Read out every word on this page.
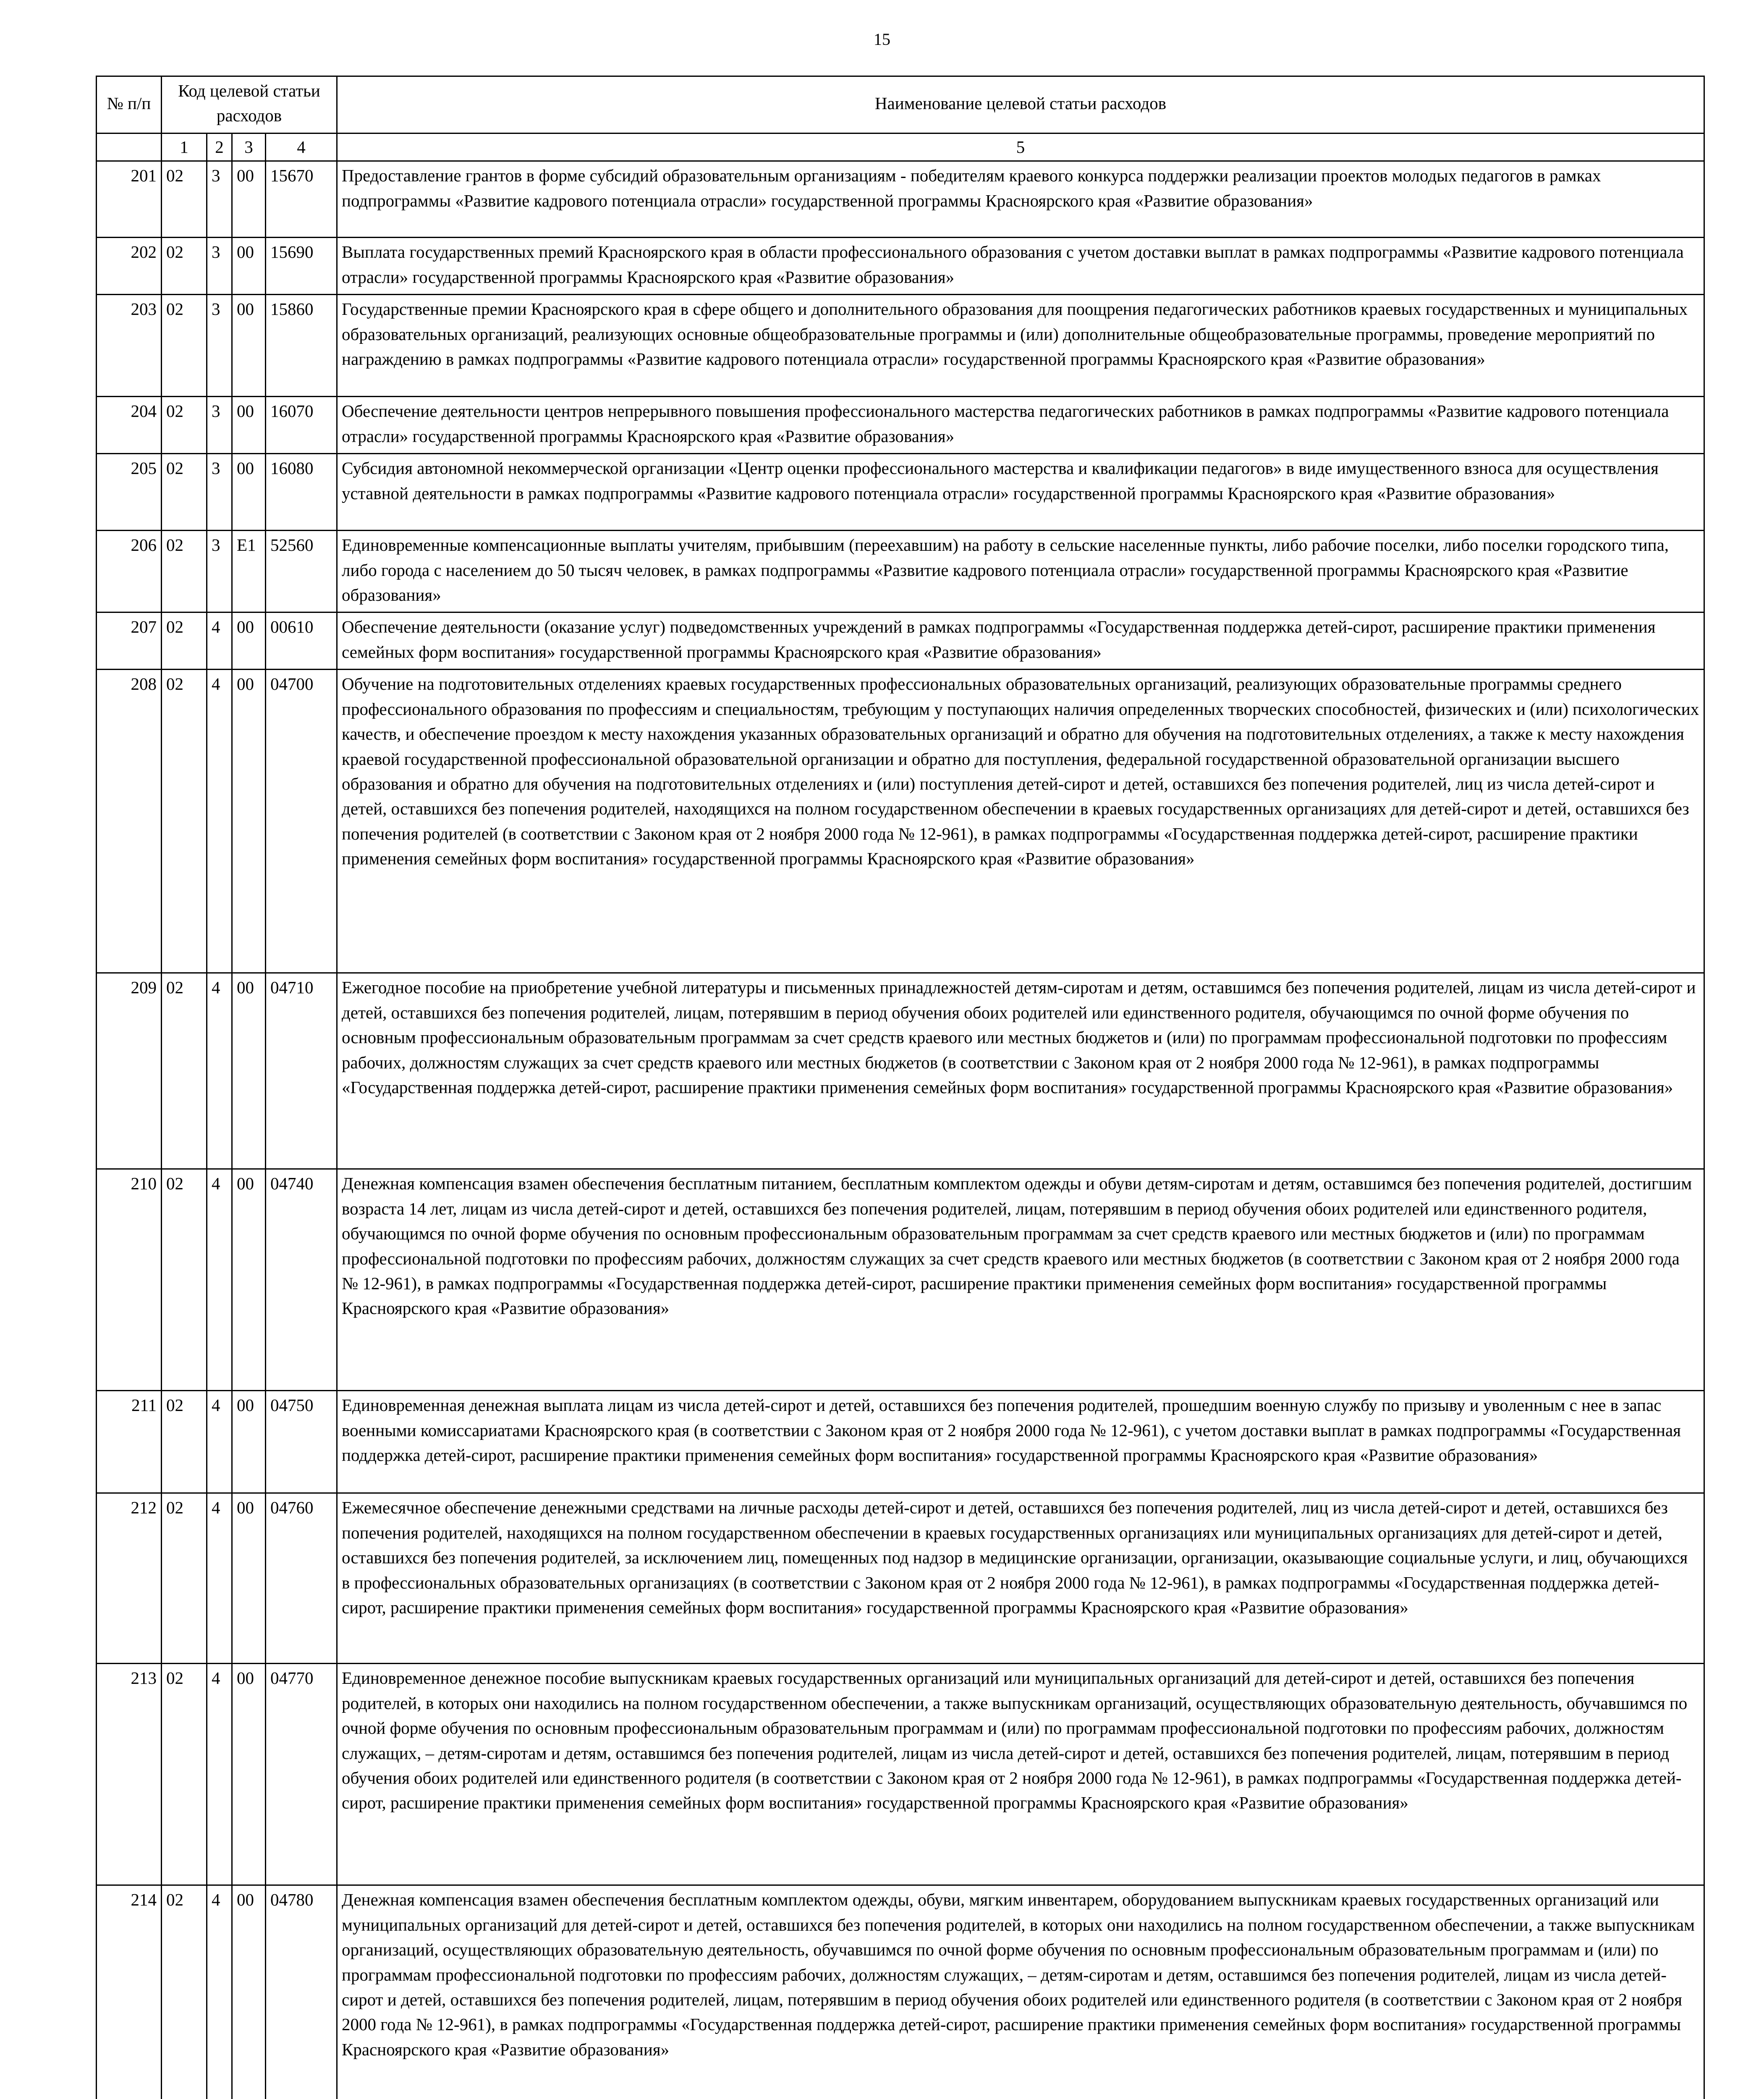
15
№ п/п	Код целевой статьи расходов				Наименование целевой статьи расходов
	1	2	3	4	5
201	02	3	00	15670	Предоставление грантов в форме субсидий образовательным организациям - победителям краевого конкурса поддержки реализации проектов молодых педагогов в рамках подпрограммы «Развитие кадрового потенциала отрасли» государственной программы Красноярского края «Развитие образования»
202	02	3	00	15690	Выплата государственных премий Красноярского края в области профессионального образования с учетом доставки выплат в рамках подпрограммы «Развитие кадрового потенциала отрасли» государственной программы Красноярского края «Развитие образования»
203	02	3	00	15860	Государственные премии Красноярского края в сфере общего и дополнительного образования для поощрения педагогических работников краевых государственных и муниципальных образовательных организаций, реализующих основные общеобразовательные программы и (или) дополнительные общеобразовательные программы, проведение мероприятий по награждению в рамках подпрограммы «Развитие кадрового потенциала отрасли» государственной программы Красноярского края «Развитие образования»
204	02	3	00	16070	Обеспечение деятельности центров непрерывного повышения профессионального мастерства педагогических работников в рамках подпрограммы «Развитие кадрового потенциала отрасли» государственной программы Красноярского края «Развитие образования»
205	02	3	00	16080	Субсидия автономной некоммерческой организации «Центр оценки профессионального мастерства и квалификации педагогов» в виде имущественного взноса для осуществления уставной деятельности в рамках подпрограммы «Развитие кадрового потенциала отрасли» государственной программы Красноярского края «Развитие образования»
206	02	3	E1	52560	Единовременные компенсационные выплаты учителям, прибывшим (переехавшим) на работу в сельские населенные пункты, либо рабочие поселки, либо поселки городского типа, либо города с населением до 50 тысяч человек, в рамках подпрограммы «Развитие кадрового потенциала отрасли» государственной программы Красноярского края «Развитие образования»
207	02	4	00	00610	Обеспечение деятельности (оказание услуг) подведомственных учреждений в рамках подпрограммы «Государственная поддержка детей-сирот, расширение практики применения семейных форм воспитания» государственной программы Красноярского края «Развитие образования»
208	02	4	00	04700	Обучение на подготовительных отделениях краевых государственных профессиональных образовательных организаций, реализующих образовательные программы среднего профессионального образования по профессиям и специальностям, требующим у поступающих наличия определенных творческих способностей, физических и (или) психологических качеств, и обеспечение проездом к месту нахождения указанных образовательных организаций и обратно для обучения на подготовительных отделениях, а также к месту нахождения краевой государственной профессиональной образовательной организации и обратно для поступления, федеральной государственной образовательной организации высшего образования и обратно для обучения на подготовительных отделениях и (или) поступления детей-сирот и детей, оставшихся без попечения родителей, лиц из числа детей-сирот и детей, оставшихся без попечения родителей, находящихся на полном государственном обеспечении в краевых государственных организациях для детей-сирот и детей, оставшихся без попечения родителей (в соответствии с Законом края от 2 ноября 2000 года № 12-961), в рамках подпрограммы «Государственная поддержка детей-сирот, расширение практики применения семейных форм воспитания» государственной программы Красноярского края «Развитие образования»
209	02	4	00	04710	Ежегодное пособие на приобретение учебной литературы и письменных принадлежностей детям-сиротам и детям, оставшимся без попечения родителей, лицам из числа детей-сирот и детей, оставшихся без попечения родителей, лицам, потерявшим в период обучения обоих родителей или единственного родителя, обучающимся по очной форме обучения по основным профессиональным образовательным программам за счет средств краевого или местных бюджетов и (или) по программам профессиональной подготовки по профессиям рабочих, должностям служащих за счет средств краевого или местных бюджетов (в соответствии с Законом края от 2 ноября 2000 года № 12-961), в рамках подпрограммы «Государственная поддержка детей-сирот, расширение практики применения семейных форм воспитания» государственной программы Красноярского края «Развитие образования»
210	02	4	00	04740	Денежная компенсация взамен обеспечения бесплатным питанием, бесплатным комплектом одежды и обуви детям-сиротам и детям, оставшимся без попечения родителей, достигшим возраста 14 лет, лицам из числа детей-сирот и детей, оставшихся без попечения родителей, лицам, потерявшим в период обучения обоих родителей или единственного родителя, обучающимся по очной форме обучения по основным профессиональным образовательным программам за счет средств краевого или местных бюджетов и (или) по программам профессиональной подготовки по профессиям рабочих, должностям служащих за счет средств краевого или местных бюджетов (в соответствии с Законом края от 2 ноября 2000 года № 12-961), в рамках подпрограммы «Государственная поддержка детей-сирот, расширение практики применения семейных форм воспитания» государственной программы Красноярского края «Развитие образования»
211	02	4	00	04750	Единовременная денежная выплата лицам из числа детей-сирот и детей, оставшихся без попечения родителей, прошедшим военную службу по призыву и уволенным с нее в запас военными комиссариатами Красноярского края (в соответствии с Законом края от 2 ноября 2000 года № 12-961), с учетом доставки выплат в рамках подпрограммы «Государственная поддержка детей-сирот, расширение практики применения семейных форм воспитания» государственной программы Красноярского края «Развитие образования»
212	02	4	00	04760	Ежемесячное обеспечение денежными средствами на личные расходы детей-сирот и детей, оставшихся без попечения родителей, лиц из числа детей-сирот и детей, оставшихся без попечения родителей, находящихся на полном государственном обеспечении в краевых государственных организациях или муниципальных организациях для детей-сирот и детей, оставшихся без попечения родителей, за исключением лиц, помещенных под надзор в медицинские организации, организации, оказывающие социальные услуги, и лиц, обучающихся в профессиональных образовательных организациях (в соответствии с Законом края от 2 ноября 2000 года № 12-961), в рамках подпрограммы «Государственная поддержка детей-сирот, расширение практики применения семейных форм воспитания» государственной программы Красноярского края «Развитие образования»
213	02	4	00	04770	Единовременное денежное пособие выпускникам краевых государственных организаций или муниципальных организаций для детей-сирот и детей, оставшихся без попечения родителей, в которых они находились на полном государственном обеспечении, а также выпускникам организаций, осуществляющих образовательную деятельность, обучавшимся по очной форме обучения по основным профессиональным образовательным программам и (или) по программам профессиональной подготовки по профессиям рабочих, должностям служащих, – детям-сиротам и детям, оставшимся без попечения родителей, лицам из числа детей-сирот и детей, оставшихся без попечения родителей, лицам, потерявшим в период обучения обоих родителей или единственного родителя (в соответствии с Законом края от 2 ноября 2000 года № 12-961), в рамках подпрограммы «Государственная поддержка детей-сирот, расширение практики применения семейных форм воспитания» государственной программы Красноярского края «Развитие образования»
214	02	4	00	04780	Денежная компенсация взамен обеспечения бесплатным комплектом одежды, обуви, мягким инвентарем, оборудованием выпускникам краевых государственных организаций или муниципальных организаций для детей-сирот и детей, оставшихся без попечения родителей, в которых они находились на полном государственном обеспечении, а также выпускникам организаций, осуществляющих образовательную деятельность, обучавшимся по очной форме обучения по основным профессиональным образовательным программам и (или) по программам профессиональной подготовки по профессиям рабочих, должностям служащих, – детям-сиротам и детям, оставшимся без попечения родителей, лицам из числа детей-сирот и детей, оставшихся без попечения родителей, лицам, потерявшим в период обучения обоих родителей или единственного родителя (в соответствии с Законом края от 2 ноября 2000 года № 12-961), в рамках подпрограммы «Государственная поддержка детей-сирот, расширение практики применения семейных форм воспитания» государственной программы Красноярского края «Развитие образования»
